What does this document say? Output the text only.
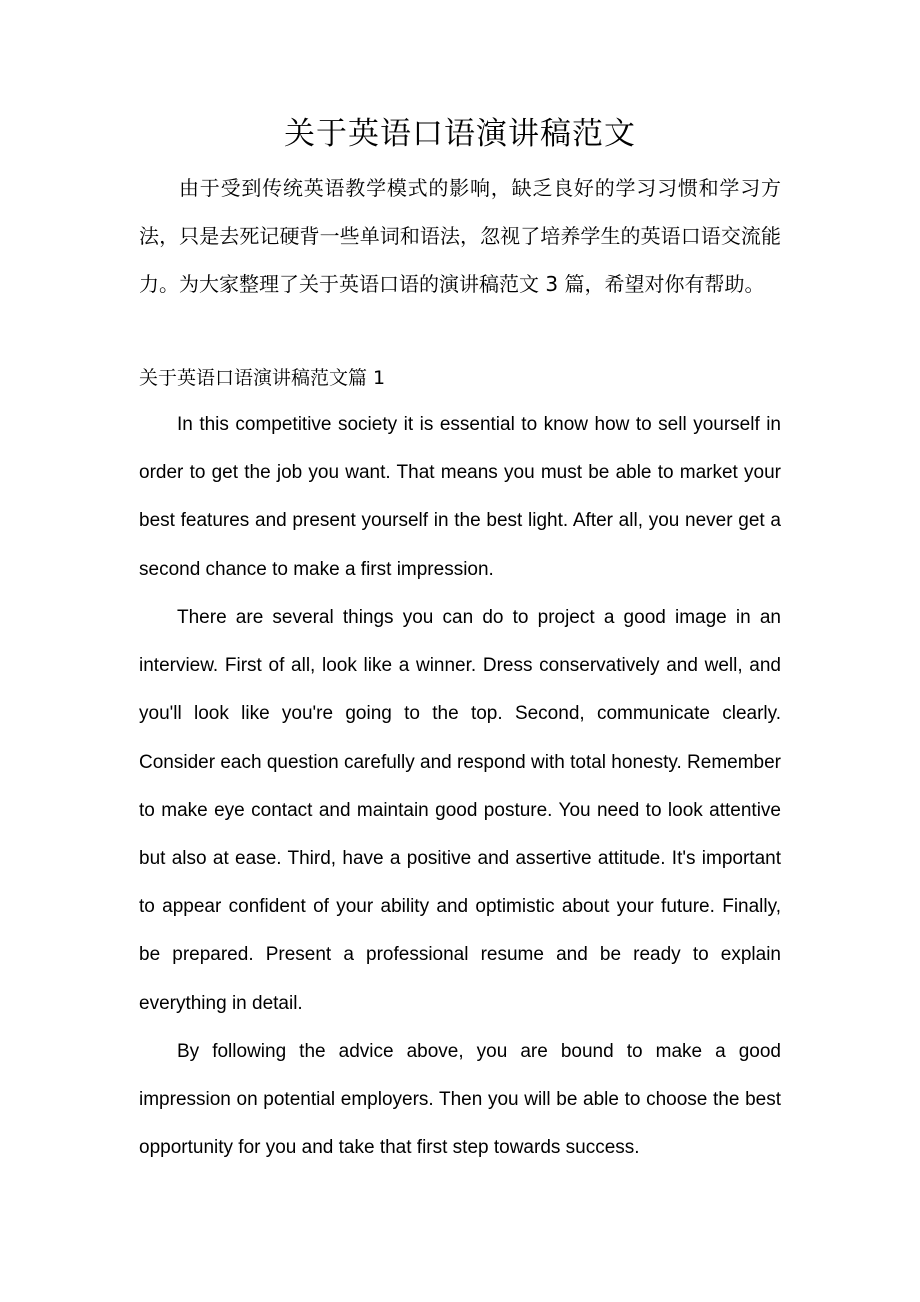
关于英语口语演讲稿范文

由于受到传统英语教学模式的影响，缺乏良好的学习习惯和学习方法，只是去死记硬背一些单词和语法，忽视了培养学生的英语口语交流能力。为大家整理了关于英语口语的演讲稿范文 3 篇，希望对你有帮助。

关于英语口语演讲稿范文篇 1

In this competitive society it is essential to know how to sell yourself in order to get the job you want. That means you must be able to market your best features and present yourself in the best light. After all, you never get a second chance to make a first impression.

There are several things you can do to project a good image in an interview. First of all, look like a winner. Dress conservatively and well, and you'll look like you're going to the top. Second, communicate clearly. Consider each question carefully and respond with total honesty. Remember to make eye contact and maintain good posture. You need to look attentive but also at ease. Third, have a positive and assertive attitude. It's important to appear confident of your ability and optimistic about your future. Finally, be prepared. Present a professional resume and be ready to explain everything in detail.

By following the advice above, you are bound to make a good impression on potential employers. Then you will be able to choose the best opportunity for you and take that first step towards success.
